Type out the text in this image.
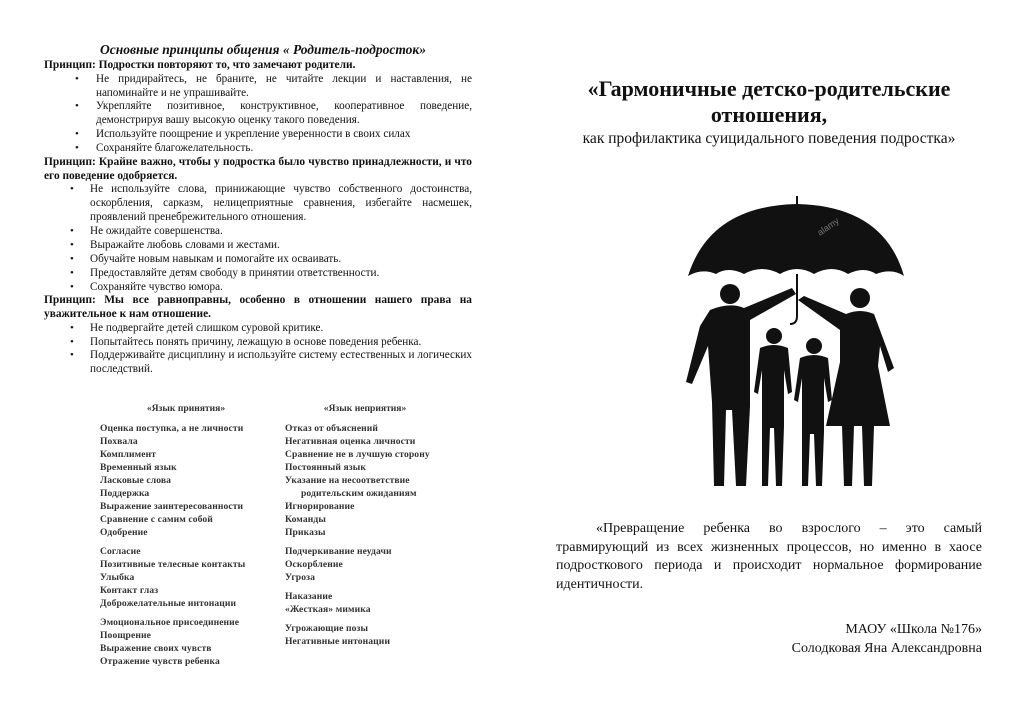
Основные принципы общения « Родитель-подросток»
Принцип: Подростки повторяют то, что замечают родители.
• Не придирайтесь, не браните, не читайте лекции и наставления, не напоминайте и не упрашивайте.
• Укрепляйте позитивное, конструктивное, кооперативное поведение, демонстрируя вашу высокую оценку такого поведения.
• Используйте поощрение и укрепление уверенности в своих силах
• Сохраняйте благожелательность.
Принцип: Крайне важно, чтобы у подростка было чувство принадлежности, и что его поведение одобряется.
• Не используйте слова, принижающие чувство собственного достоинства, оскорбления, сарказм, нелицеприятные сравнения, избегайте насмешек, проявлений пренебрежительного отношения.
• Не ожидайте совершенства.
• Выражайте любовь словами и жестами.
• Обучайте новым навыкам и помогайте их осваивать.
• Предоставляйте детям свободу в принятии ответственности.
• Сохраняйте чувство юмора.
Принцип: Мы все равноправны, особенно в отношении нашего права на уважительное к нам отношение.
• Не подвергайте детей слишком суровой критике.
• Попытайтесь понять причину, лежащую в основе поведения ребенка.
• Поддерживайте дисциплину и используйте систему естественных и логических последствий.
«Язык принятия»
Оценка поступка, а не личности
Похвала
Комплимент
Временный язык
Ласковые слова
Поддержка
Выражение заинтересованности
Сравнение с самим собой
Одобрение
Согласие
Позитивные телесные контакты
Улыбка
Контакт глаз
Доброжелательные интонации
Эмоциональное присоединение
Поощрение
Выражение своих чувств
Отражение чувств ребенка
«Язык неприятия»
Отказ от объяснений
Негативная оценка личности
Сравнение не в лучшую сторону
Постоянный язык
Указание на несоответствие
родительским ожиданиям
Игнорирование
Команды
Приказы
Подчеркивание неудачи
Оскорбление
Угроза
Наказание
«Жесткая» мимика
Угрожающие позы
Негативные интонации
«Гармоничные детско-родительские отношения,
как профилактика суицидального поведения подростка»
alamy
«Превращение ребенка во взрослого – это самый травмирующий из всех жизненных процессов, но именно в хаосе подросткового периода и происходит нормальное формирование идентичности.
МАОУ «Школа №176»
Солодковая Яна Александровна
